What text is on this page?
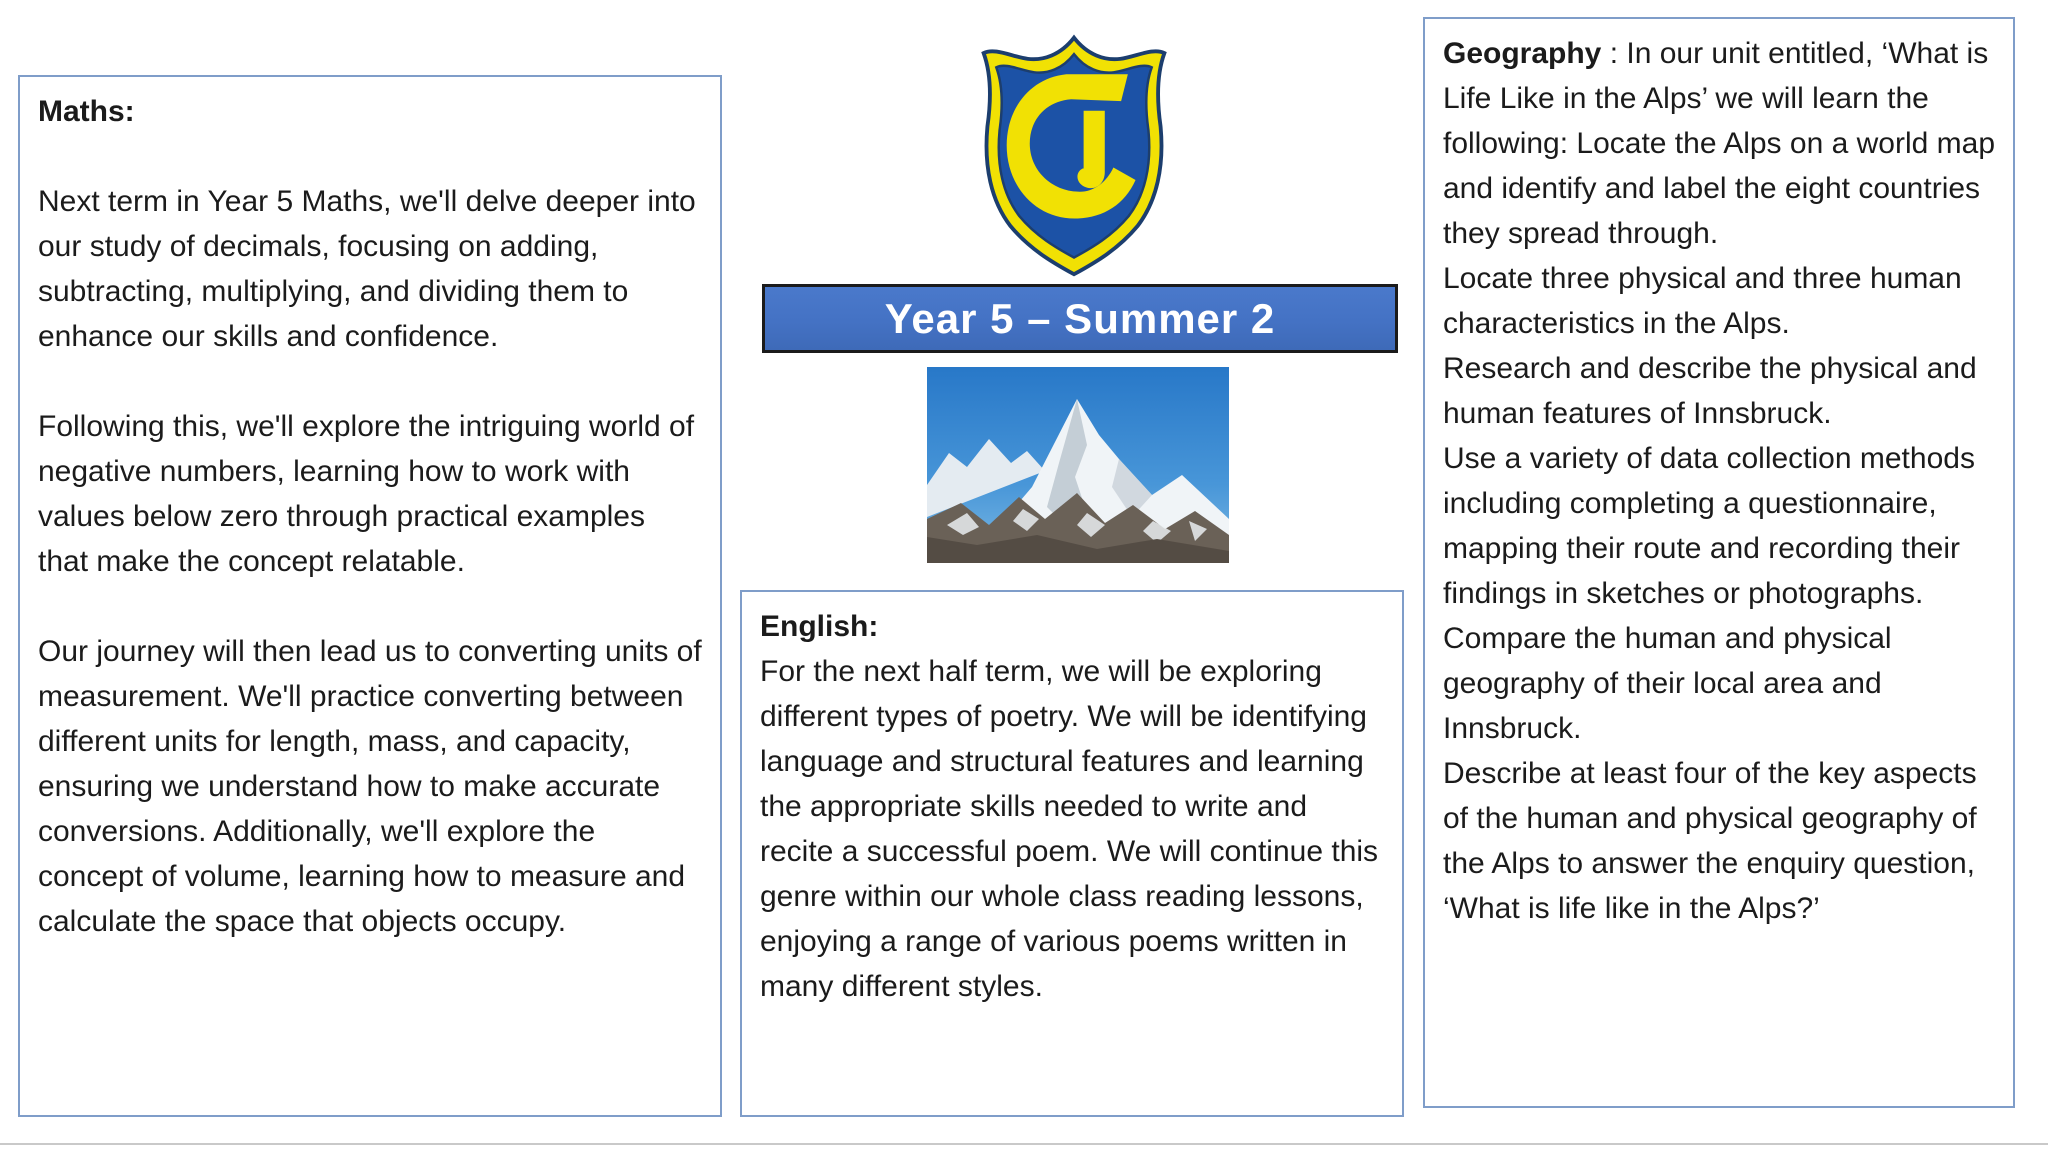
Maths:

Next term in Year 5 Maths, we'll delve deeper into our study of decimals, focusing on adding, subtracting, multiplying, and dividing them to enhance our skills and confidence.

Following this, we'll explore the intriguing world of negative numbers, learning how to work with values below zero through practical examples that make the concept relatable.

Our journey will then lead us to converting units of measurement. We'll practice converting between different units for length, mass, and capacity, ensuring we understand how to make accurate conversions. Additionally, we'll explore the concept of volume, learning how to measure and calculate the space that objects occupy.

Year 5 – Summer 2

English:

For the next half term, we will be exploring different types of poetry. We will be identifying language and structural features and learning the appropriate skills needed to write and recite a successful poem. We will continue this genre within our whole class reading lessons, enjoying a range of various poems written in many different styles.

Geography : In our unit entitled, ‘What is Life Like in the Alps’ we will learn the following: Locate the Alps on a world map and identify and label the eight countries they spread through.

Locate three physical and three human characteristics in the Alps.

Research and describe the physical and human features of Innsbruck.

Use a variety of data collection methods including completing a questionnaire, mapping their route and recording their findings in sketches or photographs.

Compare the human and physical geography of their local area and Innsbruck.

Describe at least four of the key aspects of the human and physical geography of the Alps to answer the enquiry question, ‘What is life like in the Alps?’
